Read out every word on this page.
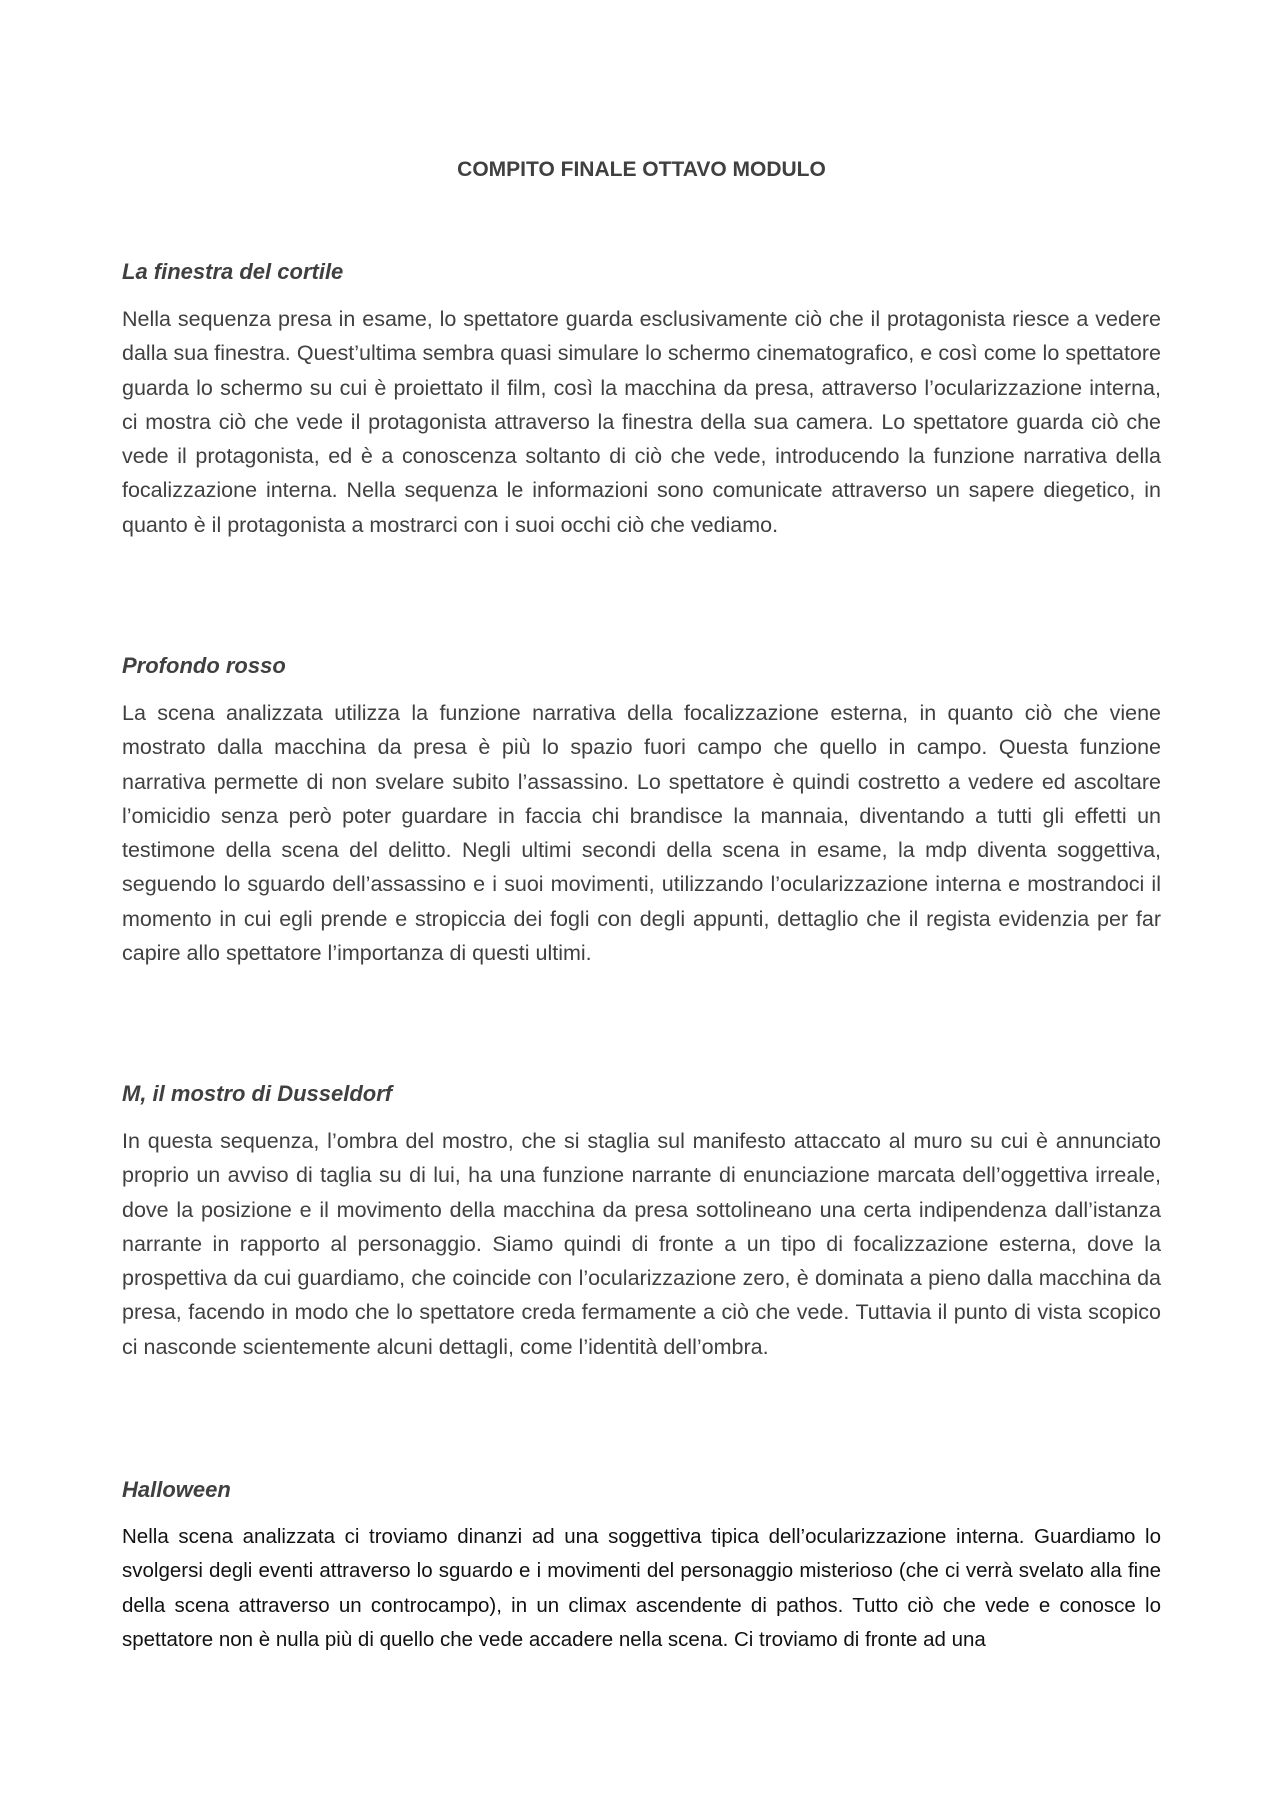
COMPITO FINALE OTTAVO MODULO
La finestra del cortile

Nella sequenza presa in esame, lo spettatore guarda esclusivamente ciò che il protagonista riesce a vedere dalla sua finestra. Quest’ultima sembra quasi simulare lo schermo cinematografico, e così come lo spettatore guarda lo schermo su cui è proiettato il film, così la macchina da presa, attraverso l’ocularizzazione interna, ci mostra ciò che vede il protagonista attraverso la finestra della sua camera. Lo spettatore guarda ciò che vede il protagonista, ed è a conoscenza soltanto di ciò che vede, introducendo la funzione narrativa della focalizzazione interna. Nella sequenza le informazioni sono comunicate attraverso un sapere diegetico, in quanto è il protagonista a mostrarci con i suoi occhi ciò che vediamo.

Profondo rosso

La scena analizzata utilizza la funzione narrativa della focalizzazione esterna, in quanto ciò che viene mostrato dalla macchina da presa è più lo spazio fuori campo che quello in campo. Questa funzione narrativa permette di non svelare subito l’assassino. Lo spettatore è quindi costretto a vedere ed ascoltare l’omicidio senza però poter guardare in faccia chi brandisce la mannaia, diventando a tutti gli effetti un testimone della scena del delitto. Negli ultimi secondi della scena in esame, la mdp diventa soggettiva, seguendo lo sguardo dell’assassino e i suoi movimenti, utilizzando l’ocularizzazione interna e mostrandoci il momento in cui egli prende e stropiccia dei fogli con degli appunti, dettaglio che il regista evidenzia per far capire allo spettatore l’importanza di questi ultimi.

M, il mostro di Dusseldorf

In questa sequenza, l’ombra del mostro, che si staglia sul manifesto attaccato al muro su cui è annunciato proprio un avviso di taglia su di lui, ha una funzione narrante di enunciazione marcata dell’oggettiva irreale, dove la posizione e il movimento della macchina da presa sottolineano una certa indipendenza dall’istanza narrante in rapporto al personaggio. Siamo quindi di fronte a un tipo di focalizzazione esterna, dove la prospettiva da cui guardiamo, che coincide con l’ocularizzazione zero, è dominata a pieno dalla macchina da presa, facendo in modo che lo spettatore creda fermamente a ciò che vede. Tuttavia il punto di vista scopico ci nasconde scientemente alcuni dettagli, come l’identità dell’ombra.

Halloween

Nella scena analizzata ci troviamo dinanzi ad una soggettiva tipica dell’ocularizzazione interna. Guardiamo lo svolgersi degli eventi attraverso lo sguardo e i movimenti del personaggio misterioso (che ci verrà svelato alla fine della scena attraverso un controcampo), in un climax ascendente di pathos. Tutto ciò che vede e conosce lo spettatore non è nulla più di quello che vede accadere nella scena. Ci troviamo di fronte ad una
